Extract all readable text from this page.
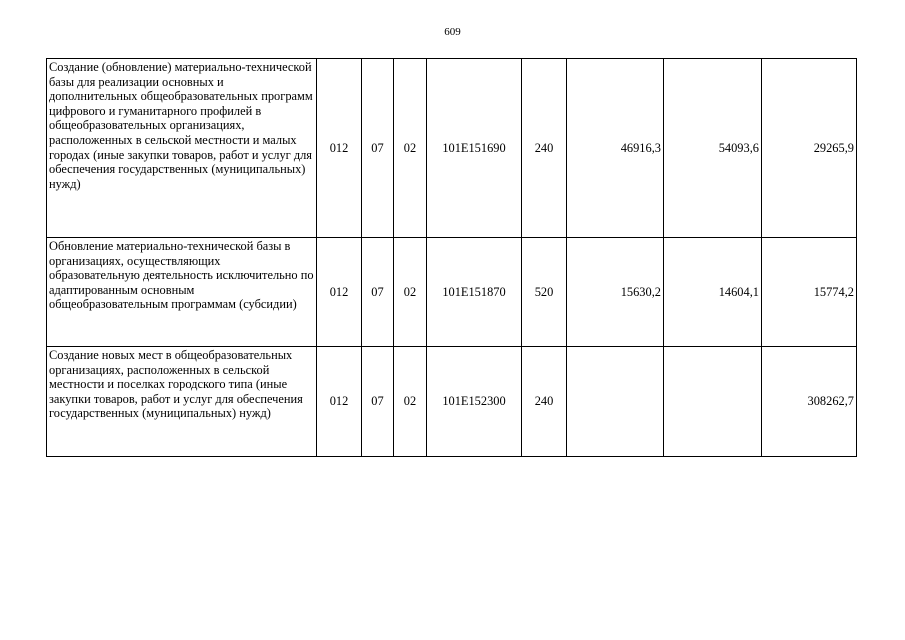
609
Создание (обновление) материально-технической базы для реализации основных и дополнительных общеобразовательных программ цифрового и гуманитарного профилей в общеобразовательных организациях, расположенных в сельской местности и малых городах (иные закупки товаров, работ и услуг для обеспечения государственных (муниципальных) нужд)	012	07	02	101E151690	240	46916,3	54093,6	29265,9
Обновление материально-технической базы в организациях, осуществляющих образовательную деятельность исключительно по адаптированным основным общеобразовательным программам (субсидии)	012	07	02	101E151870	520	15630,2	14604,1	15774,2
Создание новых мест в общеобразовательных организациях, расположенных в сельской местности и поселках городского типа (иные закупки товаров, работ и услуг для обеспечения государственных (муниципальных) нужд)	012	07	02	101E152300	240			308262,7
